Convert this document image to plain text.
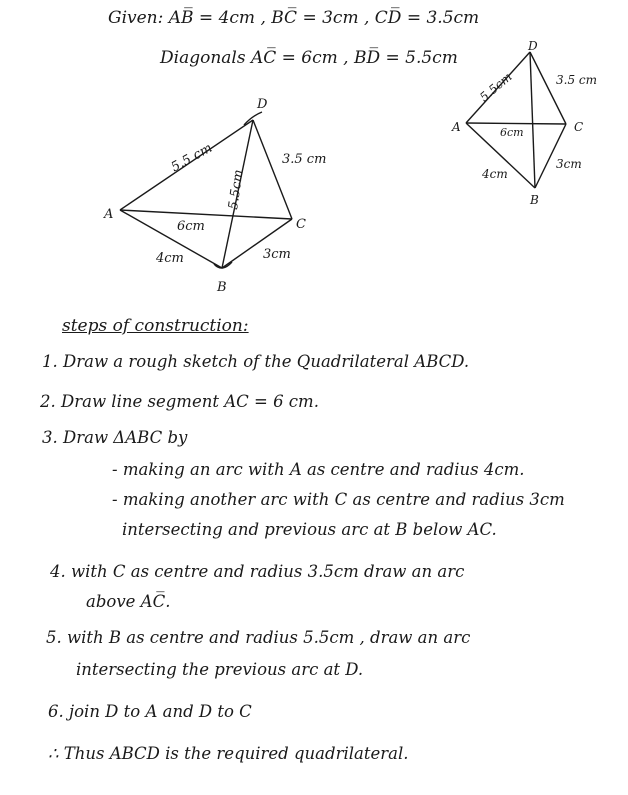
Given: AB̅ = 4cm , BC̅ = 3cm , CD̅ = 3.5cm
Diagonals AC̅ = 6cm , BD̅ = 5.5cm
A
D
C
B
5.5 cm	3.5 cm
6cm
5.5cm
4cm	3cm
D
A	C
B
5.5cm	3.5 cm
6cm
4cm
3cm
steps of construction:
1. Draw a rough sketch of the Quadrilateral ABCD.
2. Draw line segment AC = 6 cm.
3. Draw ΔABC by
- making an arc with A as centre and radius 4cm.
- making another arc with C as centre and radius 3cm
intersecting and previous arc at B below AC.
4. with C as centre and radius 3.5cm draw an arc
above AC̅.
5. with B as centre and radius 5.5cm , draw an arc
intersecting the previous arc at D.
6. join D to A and D to C
∴ Thus ABCD is the required quadrilateral.
